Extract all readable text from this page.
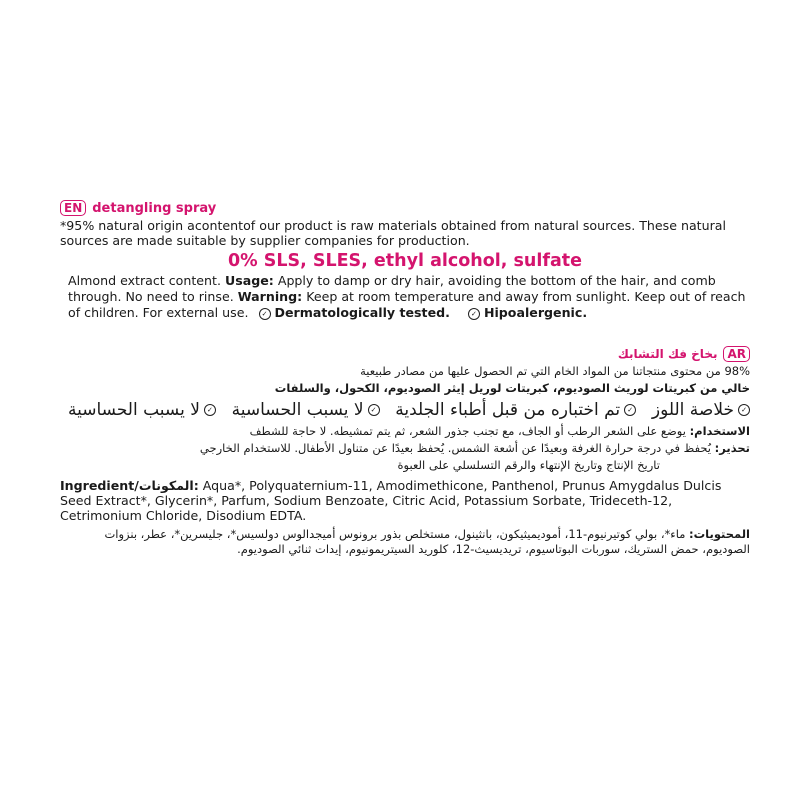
EN detangling spray

*95% natural origin acontentof our product is raw materials obtained from natural sources. These natural sources are made suitable by supplier companies for production.

0% SLS, SLES, ethyl alcohol, sulfate
Almond extract content. Usage: Apply to damp or dry hair, avoiding the bottom of the hair, and comb through. No need to rinse. Warning: Keep at room temperature and away from sunlight. Keep out of reach of children. For external use. ✓ Dermatologically tested.	✓ Hipoalergenic.
AR
بخاخ فك التشابك

98% من محتوى منتجاتنا من المواد الخام التي تم الحصول عليها من مصادر طبيعية

خالي من كبريتات لوريث الصوديوم، كبريتات لوريل إيثر الصوديوم، الكحول، والسلفات

✓خلاصة اللوز
✓تم اختباره من قبل أطباء الجلدية
✓لا يسبب الحساسية
✓لا يسبب الحساسية

الاستخدام: يوضع على الشعر الرطب أو الجاف، مع تجنب جذور الشعر، ثم يتم تمشيطه. لا حاجة للشطف

تحذير: يُحفظ في درجة حرارة الغرفة وبعيدًا عن أشعة الشمس. يُحفظ بعيدًا عن متناول الأطفال. للاستخدام الخارجي

تاريخ الإنتاج وتاريخ الإنتهاء والرقم التسلسلي على العبوة

Ingredient/المكونات: Aqua*, Polyquaternium-11, Amodimethicone, Panthenol, Prunus Amygdalus Dulcis Seed Extract*, Glycerin*, Parfum, Sodium Benzoate, Citric Acid, Potassium Sorbate, Trideceth-12, Cetrimonium Chloride, Disodium EDTA.
المحتويات: ماء*، بولي كوتيرنيوم-11، أموديميثيكون، بانثينول، مستخلص بذور برونوس أميجدالوس دولسيس*، جليسرين*، عطر، بنزوات الصوديوم، حمض الستريك، سوربات البوتاسيوم، تريديسيث-12، كلوريد السيتريمونيوم، إيدات ثنائي الصوديوم.
